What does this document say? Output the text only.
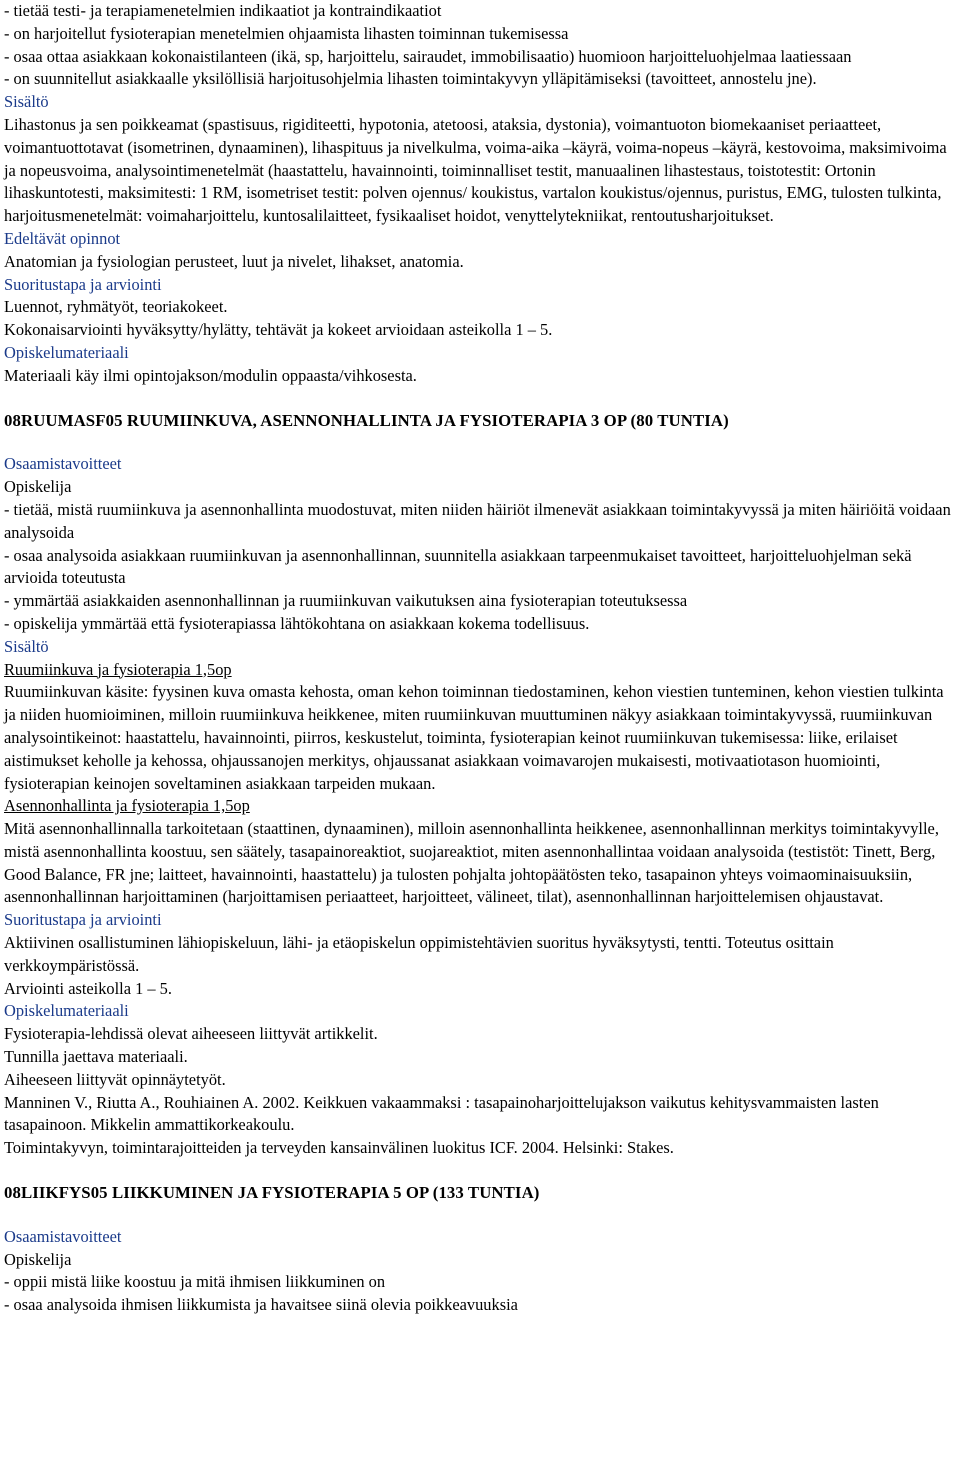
- tietää testi- ja terapiamenetelmien indikaatiot ja kontraindikaatiot
- on harjoitellut fysioterapian menetelmien ohjaamista lihasten toiminnan tukemisessa
- osaa ottaa asiakkaan kokonaistilanteen (ikä, sp, harjoittelu, sairaudet, immobilisaatio) huomioon harjoitteluohjelmaa laatiessaan
- on suunnitellut asiakkaalle yksilöllisiä harjoitusohjelmia lihasten toimintakyvyn ylläpitämiseksi (tavoitteet, annostelu jne).
Sisältö
Lihastonus ja sen poikkeamat (spastisuus, rigiditeetti, hypotonia, atetoosi, ataksia, dystonia), voimantuoton biomekaaniset periaatteet, voimantuottotavat (isometrinen, dynaaminen), lihaspituus ja nivelkulma, voima-aika –käyrä, voima-nopeus –käyrä, kestovoima, maksimivoima ja nopeusvoima, analysointimenetelmät (haastattelu, havainnointi, toiminnalliset testit, manuaalinen lihastestaus, toistotestit: Ortonin lihaskuntotesti, maksimitesti: 1 RM, isometriset testit: polven ojennus/ koukistus, vartalon koukistus/ojennus, puristus, EMG, tulosten tulkinta, harjoitusmenetelmät: voimaharjoittelu, kuntosalilaitteet, fysikaaliset hoidot, venyttelytekniikat, rentoutusharjoitukset.
Edeltävät opinnot
Anatomian ja fysiologian perusteet, luut ja nivelet, lihakset, anatomia.
Suoritustapa ja arviointi
Luennot, ryhmätyöt, teoriakokeet.
Kokonaisarviointi hyväksytty/hylätty, tehtävät ja kokeet arvioidaan asteikolla 1 – 5.
Opiskelumateriaali
Materiaali käy ilmi opintojakson/modulin oppaasta/vihkosesta.
08RUUMASF05 RUUMIINKUVA, ASENNONHALLINTA JA FYSIOTERAPIA 3 OP (80 TUNTIA)
Osaamistavoitteet
Opiskelija
- tietää, mistä ruumiinkuva ja asennonhallinta muodostuvat, miten niiden häiriöt ilmenevät asiakkaan toimintakyvyssä ja miten häiriöitä voidaan analysoida
- osaa analysoida asiakkaan ruumiinkuvan ja asennonhallinnan, suunnitella asiakkaan tarpeenmukaiset tavoitteet, harjoitteluohjelman sekä arvioida toteutusta
- ymmärtää asiakkaiden asennonhallinnan ja ruumiinkuvan vaikutuksen aina fysioterapian toteutuksessa
- opiskelija ymmärtää että fysioterapiassa lähtökohtana on asiakkaan kokema todellisuus.
Sisältö
Ruumiinkuva ja fysioterapia 1,5op
Ruumiinkuvan käsite: fyysinen kuva omasta kehosta, oman kehon toiminnan tiedostaminen, kehon viestien tunteminen, kehon viestien tulkinta ja niiden huomioiminen, milloin ruumiinkuva heikkenee, miten ruumiinkuvan muuttuminen näkyy asiakkaan toimintakyvyssä, ruumiinkuvan analysointikeinot: haastattelu, havainnointi, piirros, keskustelut, toiminta, fysioterapian keinot ruumiinkuvan tukemisessa: liike, erilaiset aistimukset keholle ja kehossa, ohjaussanojen merkitys, ohjaussanat asiakkaan voimavarojen mukaisesti, motivaatiotason huomiointi, fysioterapian keinojen soveltaminen asiakkaan tarpeiden mukaan.
Asennonhallinta ja fysioterapia 1,5op
Mitä asennonhallinnalla tarkoitetaan (staattinen, dynaaminen), milloin asennonhallinta heikkenee, asennonhallinnan merkitys toimintakyvylle, mistä asennonhallinta koostuu, sen säätely, tasapainoreaktiot, suojareaktiot, miten asennonhallintaa voidaan analysoida (testistöt: Tinett, Berg, Good Balance, FR jne; laitteet, havainnointi, haastattelu) ja tulosten pohjalta johtopäätösten teko, tasapainon yhteys voimaominaisuuksiin, asennonhallinnan harjoittaminen (harjoittamisen periaatteet, harjoitteet, välineet, tilat), asennonhallinnan harjoittelemisen ohjaustavat.
Suoritustapa ja arviointi
Aktiivinen osallistuminen lähiopiskeluun, lähi- ja etäopiskelun oppimistehtävien suoritus hyväksytysti, tentti. Toteutus osittain verkkoympäristössä.
Arviointi asteikolla 1 – 5.
Opiskelumateriaali
Fysioterapia-lehdissä olevat aiheeseen liittyvät artikkelit.
Tunnilla jaettava materiaali.
Aiheeseen liittyvät opinnäytetyöt.
Manninen V., Riutta A., Rouhiainen A. 2002. Keikkuen vakaammaksi : tasapainoharjoittelujakson vaikutus kehitysvammaisten lasten tasapainoon. Mikkelin ammattikorkeakoulu.
Toimintakyvyn, toimintarajoitteiden ja terveyden kansainvälinen luokitus ICF. 2004. Helsinki: Stakes.
08LIIKFYS05 LIIKKUMINEN JA FYSIOTERAPIA 5 OP (133 TUNTIA)
Osaamistavoitteet
Opiskelija
- oppii mistä liike koostuu ja mitä ihmisen liikkuminen on
- osaa analysoida ihmisen liikkumista ja havaitsee siinä olevia poikkeavuuksia
